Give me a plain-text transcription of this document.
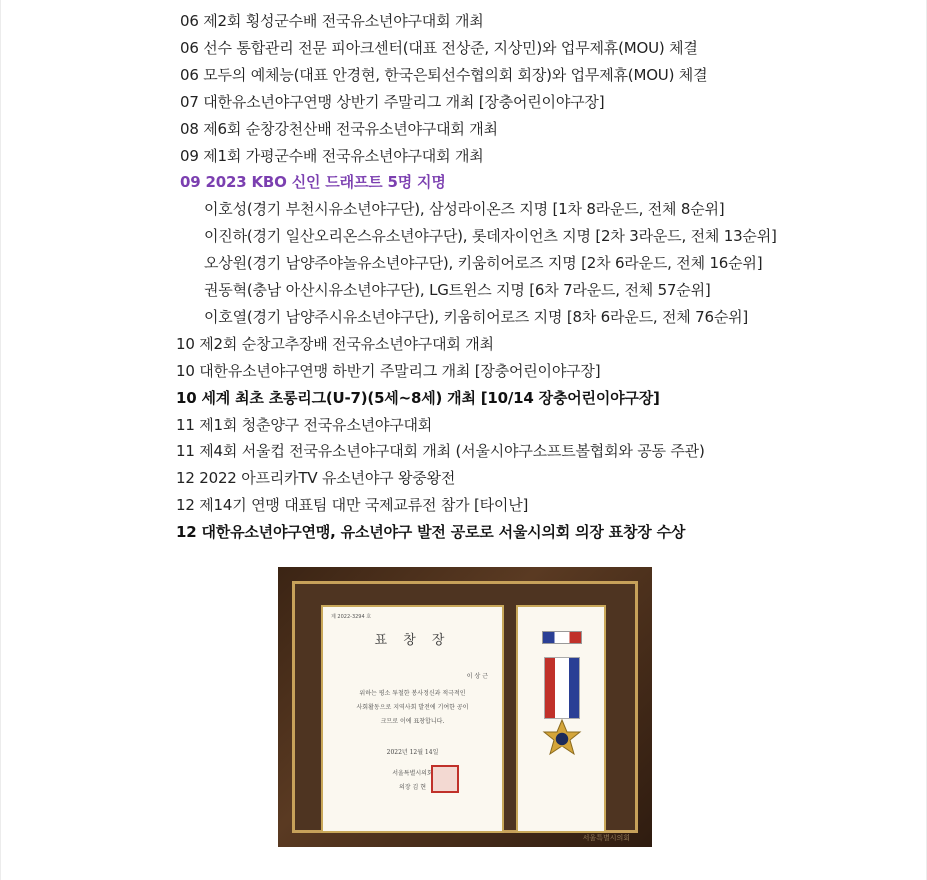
06 제2회 횡성군수배 전국유소년야구대회 개최
06 선수 통합관리 전문 피아크센터(대표 전상준, 지상민)와 업무제휴(MOU) 체결
06 모두의 예체능(대표 안경현, 한국은퇴선수협의회 회장)와 업무제휴(MOU) 체결
07 대한유소년야구연맹 상반기 주말리그 개최 [장충어린이야구장]
08 제6회 순창강천산배 전국유소년야구대회 개최
09 제1회 가평군수배 전국유소년야구대회 개최
09 2023 KBO 신인 드래프트 5명 지명
이호성(경기 부천시유소년야구단), 삼성라이온즈 지명 [1차 8라운드, 전체 8순위]
이진하(경기 일산오리온스유소년야구단), 롯데자이언츠 지명 [2차 3라운드, 전체 13순위]
오상원(경기 남양주야놀유소년야구단), 키움히어로즈 지명 [2차 6라운드, 전체 16순위]
권동혁(충남 아산시유소년야구단), LG트윈스 지명 [6차 7라운드, 전체 57순위]
이호열(경기 남양주시유소년야구단), 키움히어로즈 지명 [8차 6라운드, 전체 76순위]
10 제2회 순창고추장배 전국유소년야구대회 개최
10 대한유소년야구연맹 하반기 주말리그 개최 [장충어린이야구장]
10 세계 최초 초롱리그(U-7)(5세~8세) 개최 [10/14 장충어린이야구장]
11 제1회 청춘양구 전국유소년야구대회
11 제4회 서울컵 전국유소년야구대회 개최 (서울시야구소프트볼협회와 공동 주관)
12 2022 아프리카TV 유소년야구 왕중왕전
12 제14기 연맹 대표팀 대만 국제교류전 참가 [타이난]
12 대한유소년야구연맹, 유소년야구 발전 공로로 서울시의회 의장 표창장 수상
제 2022-3294 호
표 창 장
이 상 근
위하는 평소 투철한 봉사정신과 적극적인
사회활동으로 지역사회 발전에 기여한 공이
크므로 이에 표창합니다.
2022년 12월 14일
서울특별시의회
의장 김 현
서울특별시의회
